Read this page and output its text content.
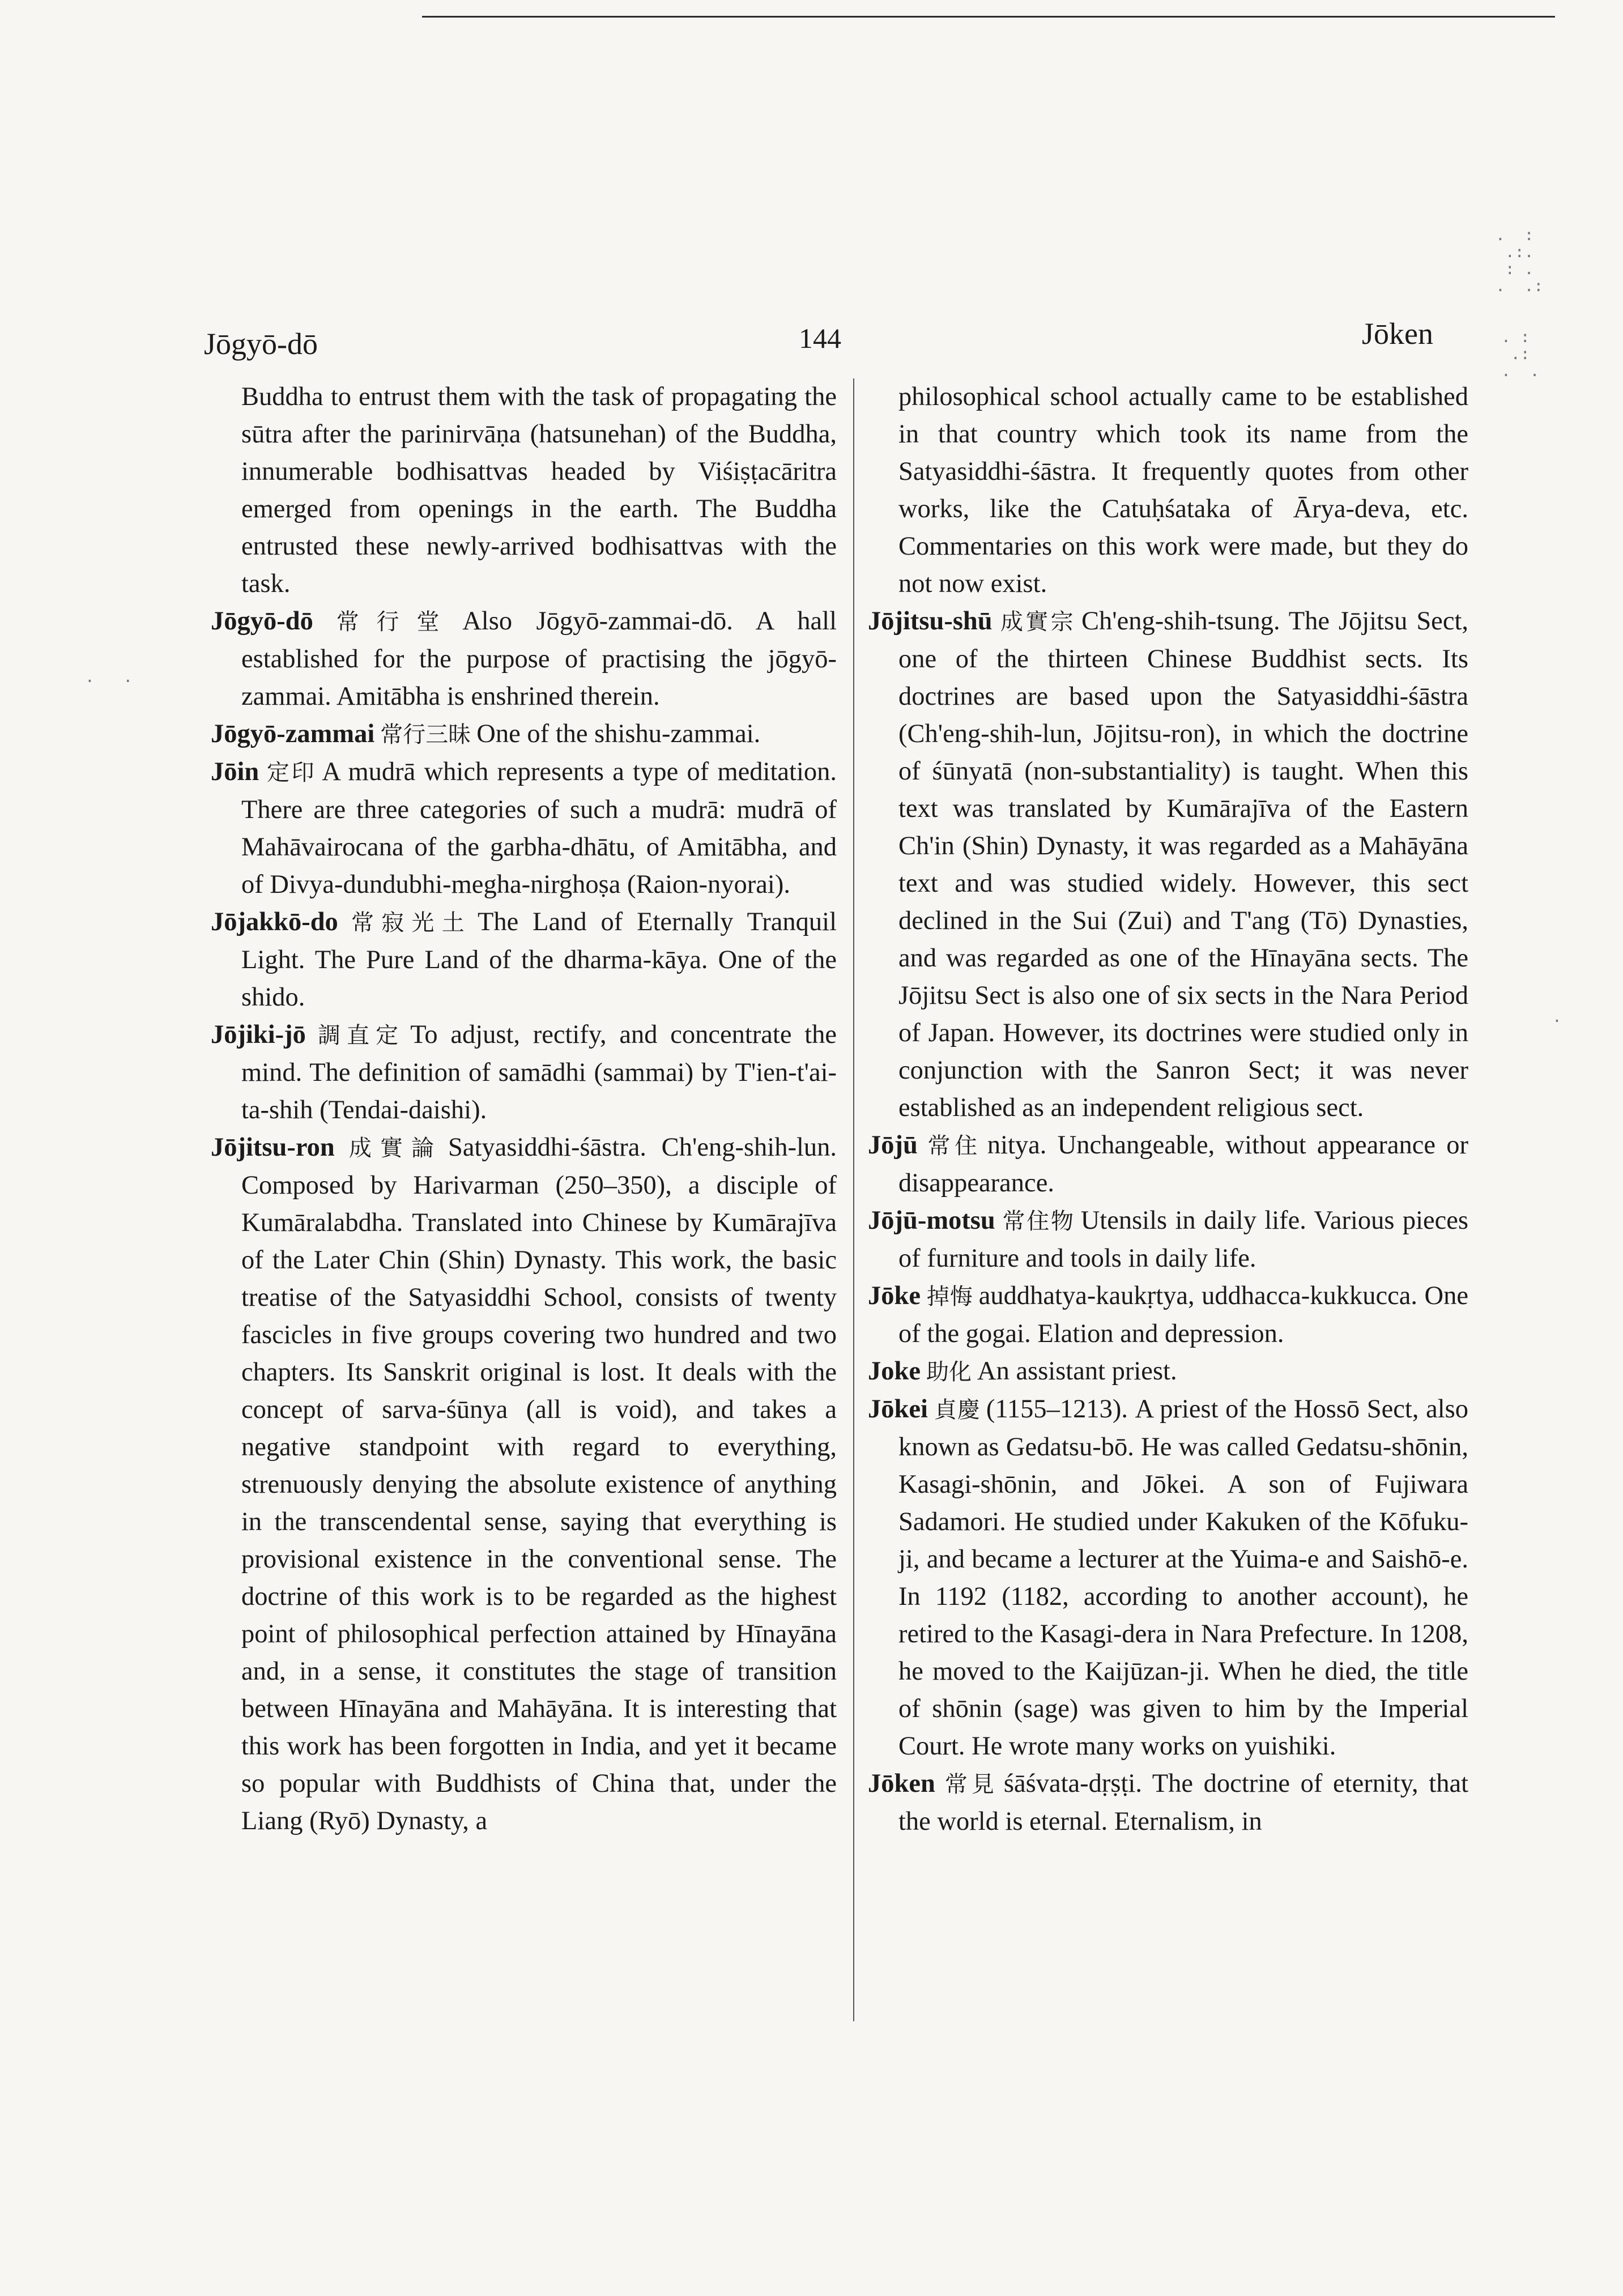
Jōgyō-dō	144	Jōken

Buddha to entrust them with the task of propagating the sūtra after the parinirvāṇa (hatsunehan) of the Buddha, innumerable bodhisattvas headed by Viśiṣṭacāritra emerged from openings in the earth. The Buddha entrusted these newly-arrived bodhisattvas with the task.

Jōgyō-dō 常行堂 Also Jōgyō-zammai-dō. A hall established for the purpose of practising the jōgyō-zammai. Amitābha is enshrined therein.

Jōgyō-zammai 常行三昧 One of the shishu-zammai.

Jōin 定印 A mudrā which represents a type of meditation. There are three categories of such a mudrā: mudrā of Mahāvairocana of the garbha-dhātu, of Amitābha, and of Divya-dundubhi-megha-nirghoṣa (Raion-nyorai).

Jōjakkō-do 常寂光土 The Land of Eternally Tranquil Light. The Pure Land of the dharma-kāya. One of the shido.

Jōjiki-jō 調直定 To adjust, rectify, and concentrate the mind. The definition of samādhi (sammai) by T'ien-t'ai-ta-shih (Tendai-daishi).

Jōjitsu-ron 成實論 Satyasiddhi-śāstra. Ch'eng-shih-lun. Composed by Harivarman (250–350), a disciple of Kumāralabdha. Translated into Chinese by Kumārajīva of the Later Chin (Shin) Dynasty. This work, the basic treatise of the Satyasiddhi School, consists of twenty fascicles in five groups covering two hundred and two chapters. Its Sanskrit original is lost. It deals with the concept of sarva-śūnya (all is void), and takes a negative standpoint with regard to everything, strenuously denying the absolute existence of anything in the transcendental sense, saying that everything is provisional existence in the conventional sense. The doctrine of this work is to be regarded as the highest point of philosophical perfection attained by Hīnayāna and, in a sense, it constitutes the stage of transition between Hīnayāna and Mahāyāna. It is interesting that this work has been forgotten in India, and yet it became so popular with Buddhists of China that, under the Liang (Ryō) Dynasty, a

philosophical school actually came to be established in that country which took its name from the Satyasiddhi-śāstra. It frequently quotes from other works, like the Catuḥśataka of Ārya-deva, etc. Commentaries on this work were made, but they do not now exist.

Jōjitsu-shū 成實宗 Ch'eng-shih-tsung. The Jōjitsu Sect, one of the thirteen Chinese Buddhist sects. Its doctrines are based upon the Satyasiddhi-śāstra (Ch'eng-shih-lun, Jōjitsu-ron), in which the doctrine of śūnyatā (non-substantiality) is taught. When this text was translated by Kumārajīva of the Eastern Ch'in (Shin) Dynasty, it was regarded as a Mahāyāna text and was studied widely. However, this sect declined in the Sui (Zui) and T'ang (Tō) Dynasties, and was regarded as one of the Hīnayāna sects. The Jōjitsu Sect is also one of six sects in the Nara Period of Japan. However, its doctrines were studied only in conjunction with the Sanron Sect; it was never established as an independent religious sect.

Jōjū 常住 nitya. Unchangeable, without appearance or disappearance.

Jōjū-motsu 常住物 Utensils in daily life. Various pieces of furniture and tools in daily life.

Jōke 掉悔 auddhatya-kaukṛtya, uddhacca-kukkucca. One of the gogai. Elation and depression.

Joke 助化 An assistant priest.

Jōkei 貞慶 (1155–1213). A priest of the Hossō Sect, also known as Gedatsu-bō. He was called Gedatsu-shōnin, Kasagi-shōnin, and Jōkei. A son of Fujiwara Sadamori. He studied under Kakuken of the Kōfuku-ji, and became a lecturer at the Yuima-e and Saishō-e. In 1192 (1182, according to another account), he retired to the Kasagi-dera in Nara Prefecture. In 1208, he moved to the Kaijūzan-ji. When he died, the title of shōnin (sage) was given to him by the Imperial Court. He wrote many works on yuishiki.

Jōken 常見 śāśvata-dṛṣṭi. The doctrine of eternity, that the world is eternal. Eternalism, in

.  :
.:.
: .
.  .:
. :
.:
.  .
.   .
.
